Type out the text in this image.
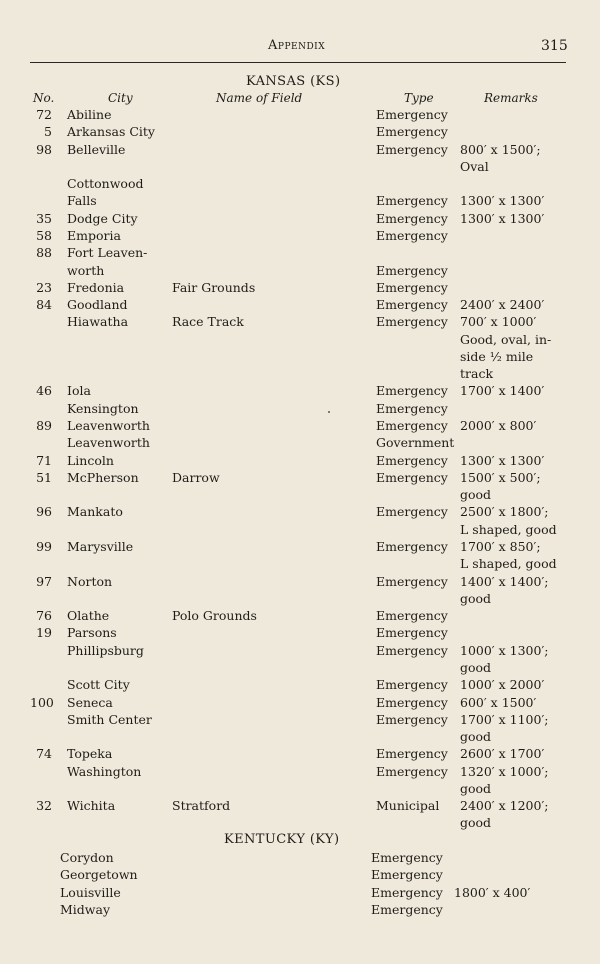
Appendix	315
KANSAS (KS)
No.	City	Name of Field	Type	Remarks
72 Abiline	Emergency
5 Arkansas City	Emergency
98 Belleville	Emergency 800′ x 1500′;
Oval
Cottonwood
Falls	Emergency 1300′ x 1300′
35 Dodge City	Emergency 1300′ x 1300′
58 Emporia	Emergency
88 Fort Leaven-
worth	Emergency
23 Fredonia	Fair Grounds	Emergency
84 Goodland	Emergency 2400′ x 2400′
Hiawatha	Race Track	Emergency 700′ x 1000′
Good, oval, in-
side ½ mile
track
46 Iola	Emergency 1700′ x 1400′
Kensington	Emergency
89 Leavenworth	Emergency 2000′ x 800′
Leavenworth	Government
71 Lincoln	Emergency 1300′ x 1300′
51 McPherson	Darrow	Emergency 1500′ x 500′;
good
96 Mankato	Emergency 2500′ x 1800′;
L shaped, good
99 Marysville	Emergency 1700′ x 850′;
L shaped, good
97 Norton	Emergency 1400′ x 1400′;
good
76 Olathe	Polo Grounds	Emergency
19 Parsons	Emergency
Phillipsburg	Emergency 1000′ x 1300′;
good
Scott City	Emergency 1000′ x 2000′
100 Seneca	Emergency 600′ x 1500′
Smith Center	Emergency 1700′ x 1100′;
good
74 Topeka	Emergency 2600′ x 1700′
Washington	Emergency 1320′ x 1000′;
good
32 Wichita	Stratford	Municipal 2400′ x 1200′;
good
KENTUCKY (KY)
Corydon	Emergency
Georgetown	Emergency
Louisville	Emergency 1800′ x 400′
Midway	Emergency
